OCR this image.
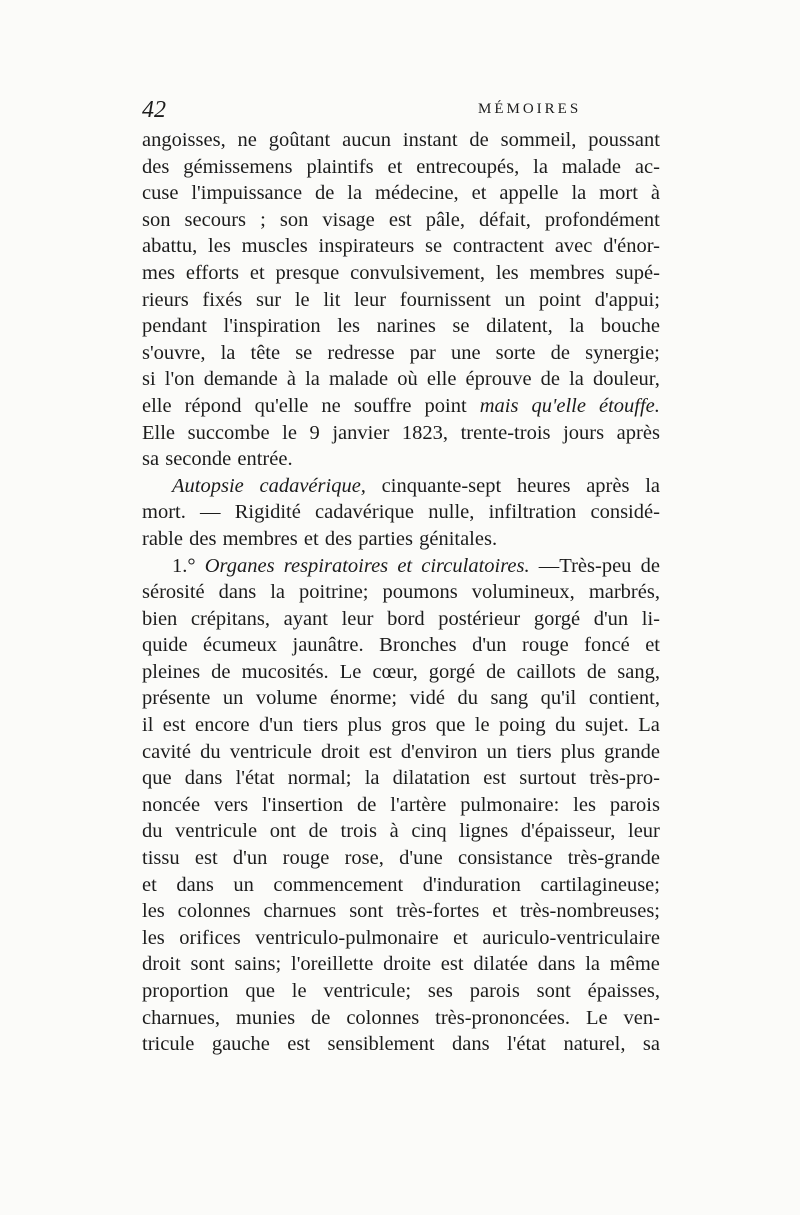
42	MÉMOIRES
angoisses, ne goûtant aucun instant de sommeil, poussant
des gémissemens plaintifs et entrecoupés, la malade ac-
cuse l'impuissance de la médecine, et appelle la mort à
son secours ; son visage est pâle, défait, profondément
abattu, les muscles inspirateurs se contractent avec d'énor-
mes efforts et presque convulsivement, les membres supé-
rieurs fixés sur le lit leur fournissent un point d'appui;
pendant l'inspiration les narines se dilatent, la bouche
s'ouvre, la tête se redresse par une sorte de synergie;
si l'on demande à la malade où elle éprouve de la douleur,
elle répond qu'elle ne souffre point mais qu'elle étouffe.
Elle succombe le 9 janvier 1823, trente-trois jours après
sa seconde entrée.
Autopsie cadavérique, cinquante-sept heures après la
mort. — Rigidité cadavérique nulle, infiltration considé-
rable des membres et des parties génitales.
1.° Organes respiratoires et circulatoires. —Très-peu de
sérosité dans la poitrine; poumons volumineux, marbrés,
bien crépitans, ayant leur bord postérieur gorgé d'un li-
quide écumeux jaunâtre. Bronches d'un rouge foncé et
pleines de mucosités. Le cœur, gorgé de caillots de sang,
présente un volume énorme; vidé du sang qu'il contient,
il est encore d'un tiers plus gros que le poing du sujet. La
cavité du ventricule droit est d'environ un tiers plus grande
que dans l'état normal; la dilatation est surtout très-pro-
noncée vers l'insertion de l'artère pulmonaire: les parois
du ventricule ont de trois à cinq lignes d'épaisseur, leur
tissu est d'un rouge rose, d'une consistance très-grande
et dans un commencement d'induration cartilagineuse;
les colonnes charnues sont très-fortes et très-nombreuses;
les orifices ventriculo-pulmonaire et auriculo-ventriculaire
droit sont sains; l'oreillette droite est dilatée dans la même
proportion que le ventricule; ses parois sont épaisses,
charnues, munies de colonnes très-prononcées. Le ven-
tricule gauche est sensiblement dans l'état naturel, sa
